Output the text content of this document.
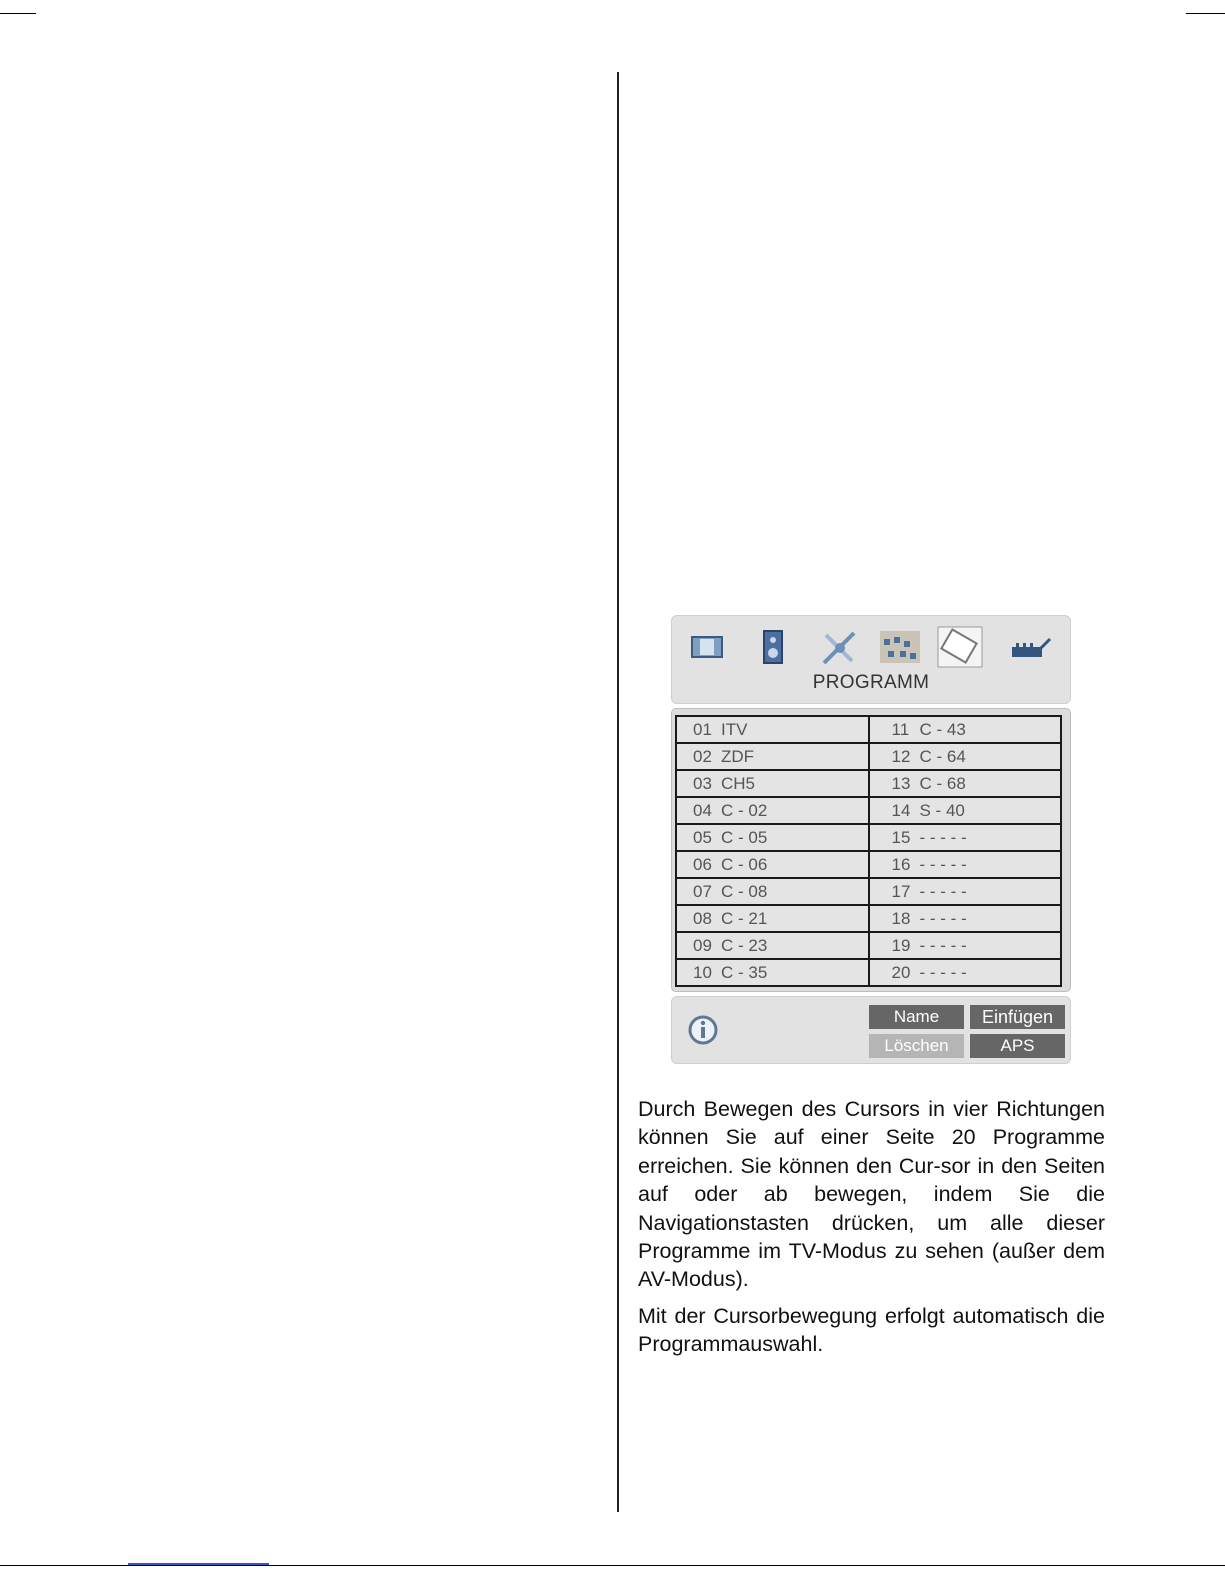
PROGRAMM
01 ITV	11 C - 43
02 ZDF	12 C - 64
03 CH5	13 C - 68
04 C - 02	14 S - 40
05 C - 05	15 - - - - -
06 C - 06	16 - - - - -
07 C - 08	17 - - - - -
08 C - 21	18 - - - - -
09 C - 23	19 - - - - -
10 C - 35	20 - - - - -
Name	Einfügen
Löschen	APS

Durch Bewegen des Cursors in vier Richtungen können Sie auf einer Seite 20 Programme erreichen. Sie können den Cur-sor in den Seiten auf oder ab bewegen, indem Sie die Navigationstasten drücken, um alle dieser Programme im TV-Modus zu sehen (außer dem AV-Modus).

Mit der Cursorbewegung erfolgt automatisch die Programmauswahl.
